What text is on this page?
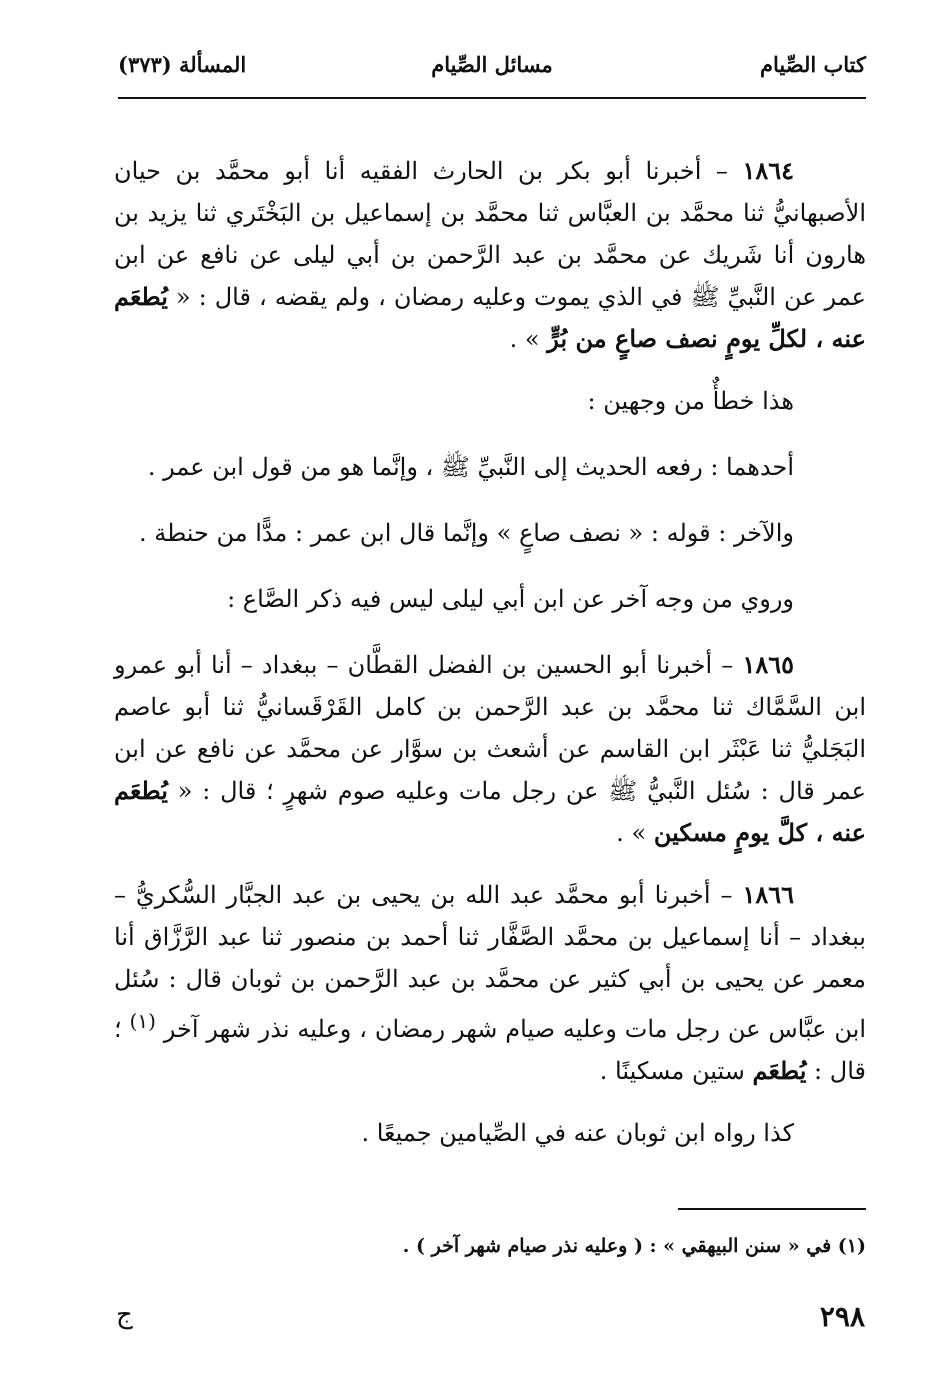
كتاب الصِّيام
مسائل الصِّيام
المسألة (٣٧٣)

١٨٦٤ – أخبرنا أبو بكر بن الحارث الفقيه أنا أبو محمَّد بن حيان الأصبهانيُّ ثنا محمَّد بن العبَّاس ثنا محمَّد بن إسماعيل بن البَخْتَري ثنا يزيد بن هارون أنا شَريك عن محمَّد بن عبد الرَّحمن بن أبي ليلى عن نافع عن ابن عمر عن النَّبيِّ ﷺ في الذي يموت وعليه رمضان ، ولم يقضه ، قال : « يُطعَم عنه ، لكلِّ يومٍ نصف صاعٍ من بُرٍّ » .

هذا خطأٌ من وجهين :

أحدهما : رفعه الحديث إلى النَّبيِّ ﷺ ، وإنَّما هو من قول ابن عمر .

والآخر : قوله : « نصف صاعٍ » وإنَّما قال ابن عمر : مدًّا من حنطة .

وروي من وجه آخر عن ابن أبي ليلى ليس فيه ذكر الصَّاع :

١٨٦٥ – أخبرنا أبو الحسين بن الفضل القطَّان – ببغداد – أنا أبو عمرو ابن السَّمَّاك ثنا محمَّد بن عبد الرَّحمن بن كامل القَرْقَسانيُّ ثنا أبو عاصم البَجَليُّ ثنا عَبْثَر ابن القاسم عن أشعث بن سوَّار عن محمَّد عن نافع عن ابن عمر قال : سُئل النَّبيُّ ﷺ عن رجل مات وعليه صوم شهرٍ ؛ قال : « يُطعَم عنه ، كلَّ يومٍ مسكين » .

١٨٦٦ – أخبرنا أبو محمَّد عبد الله بن يحيى بن عبد الجبَّار السُّكريُّ – ببغداد – أنا إسماعيل بن محمَّد الصَّفَّار ثنا أحمد بن منصور ثنا عبد الرَّزَّاق أنا معمر عن يحيى بن أبي كثير عن محمَّد بن عبد الرَّحمن بن ثوبان قال : سُئل ابن عبَّاس عن رجل مات وعليه صيام شهر رمضان ، وعليه نذر شهر آخر $^{(١)}$ ؛ قال : يُطعَم ستين مسكينًا .

كذا رواه ابن ثوبان عنه في الصِّيامين جميعًا .

(١) في « سنن البيهقي » : ( وعليه نذر صيام شهر آخر ) .
٢٩٨
ج
